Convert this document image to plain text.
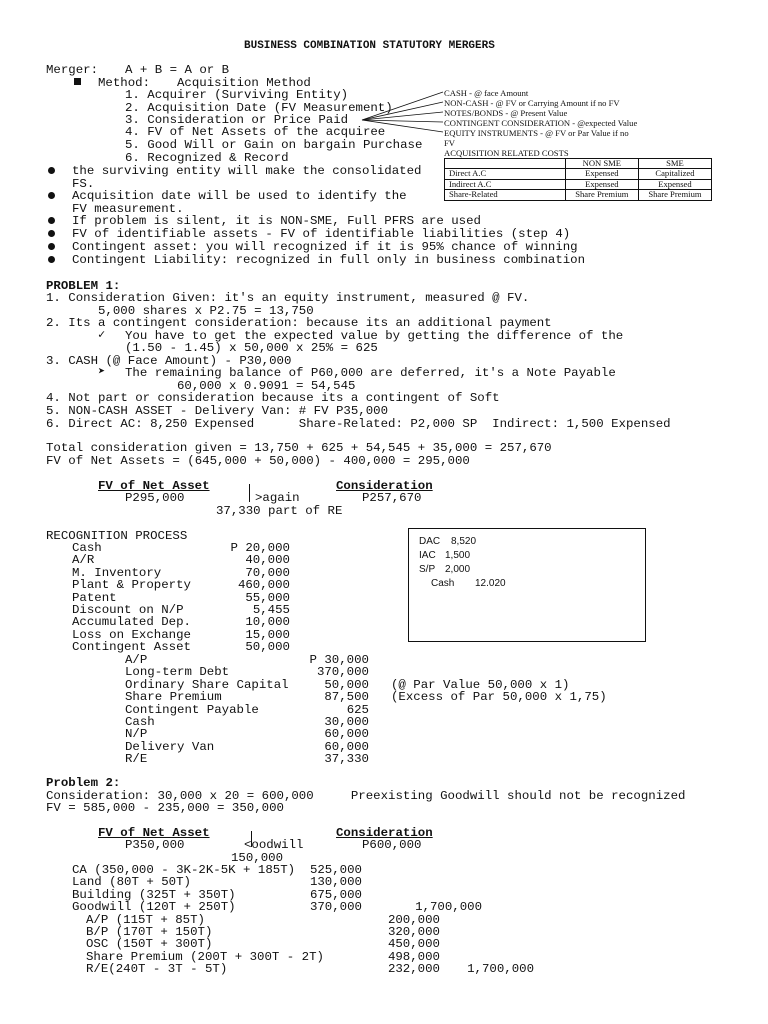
BUSINESS COMBINATION STATUTORY MERGERS
Merger: A + B = A or B
Method: Acquisition Method
1. Acquirer (Surviving Entity)
2. Acquisition Date (FV Measurement)
3. Consideration or Price Paid
4. FV of Net Assets of the acquiree
5. Good Will or Gain on bargain Purchase
6. Recognized & Record
CASH - @ face Amount
NON-CASH - @ FV or Carrying Amount if no FV
NOTES/BONDS - @ Present Value
CONTINGENT CONSIDERATION - @expected Value
EQUITY INSTRUMENTS - @ FV or Par Value if no
FV
ACQUISITION RELATED COSTS
	NON SME	SME
Direct A.C	Expensed	Capitalized
Indirect A.C	Expensed	Expensed
Share-Related	Share Premium	Share Premium
the surviving entity will make the consolidated
FS.
Acquisition date will be used to identify the
FV measurement.
If problem is silent, it is NON-SME, Full PFRS are used
FV of identifiable assets - FV of identifiable liabilities (step 4)
Contingent asset: you will recognized if it is 95% chance of winning
Contingent Liability: recognized in full only in business combination
PROBLEM 1:
1. Consideration Given: it's an equity instrument, measured @ FV.
5,000 shares x P2.75 = 13,750
2. Its a contingent consideration: because its an additional payment
✓ You have to get the expected value by getting the difference of the
(1.50 - 1.45) x 50,000 x 25% = 625
3. CASH (@ Face Amount) - P30,000
➤ The remaining balance of P60,000 are deferred, it's a Note Payable
60,000 x 0.9091 = 54,545
4. Not part or consideration because its a contingent of Soft
5. NON-CASH ASSET - Delivery Van: # FV P35,000
6. Direct AC: 8,250 Expensed      Share-Related: P2,000 SP  Indirect: 1,500 Expensed
Total consideration given = 13,750 + 625 + 54,545 + 35,000 = 257,670
FV of Net Assets = (645,000 + 50,000) - 400,000 = 295,000
FV of Net Asset
P295,000	>again
Consideration
P257,670
37,330 part of RE
RECOGNITION PROCESS
Cash	P 20,000
A/R	40,000
M. Inventory	70,000
Plant & Property	460,000
Patent	55,000
Discount on N/P	5,455
Accumulated Dep.	10,000
Loss on Exchange	15,000
Contingent Asset	50,000
A/P	P 30,000
Long-term Debt	370,000
Ordinary Share Capital	50,000 (@ Par Value 50,000 x 1)
Share Premium	87,500 (Excess of Par 50,000 x 1,75)
Contingent Payable	625
Cash	30,000
N/P	60,000
Delivery Van	60,000
R/E	37,330
DAC 8,520
IAC 1,500
S/P 2,000
Cash 12.020
Problem 2:
Consideration: 30,000 x 20 = 600,000     Preexisting Goodwill should not be recognized
FV = 585,000 - 235,000 = 350,000
FV of Net Asset
P350,000	<oodwill
150,000
Consideration
P600,000
CA (350,000 - 3K-2K-5K + 185T)	525,000
Land (80T + 50T)	130,000
Building (325T + 350T)	675,000
Goodwill (120T + 250T)	370,000	1,700,000
A/P (115T + 85T)	200,000
B/P (170T + 150T)	320,000
OSC (150T + 300T)	450,000
Share Premium (200T + 300T - 2T)	498,000
R/E(240T - 3T - 5T)	232,000	1,700,000
